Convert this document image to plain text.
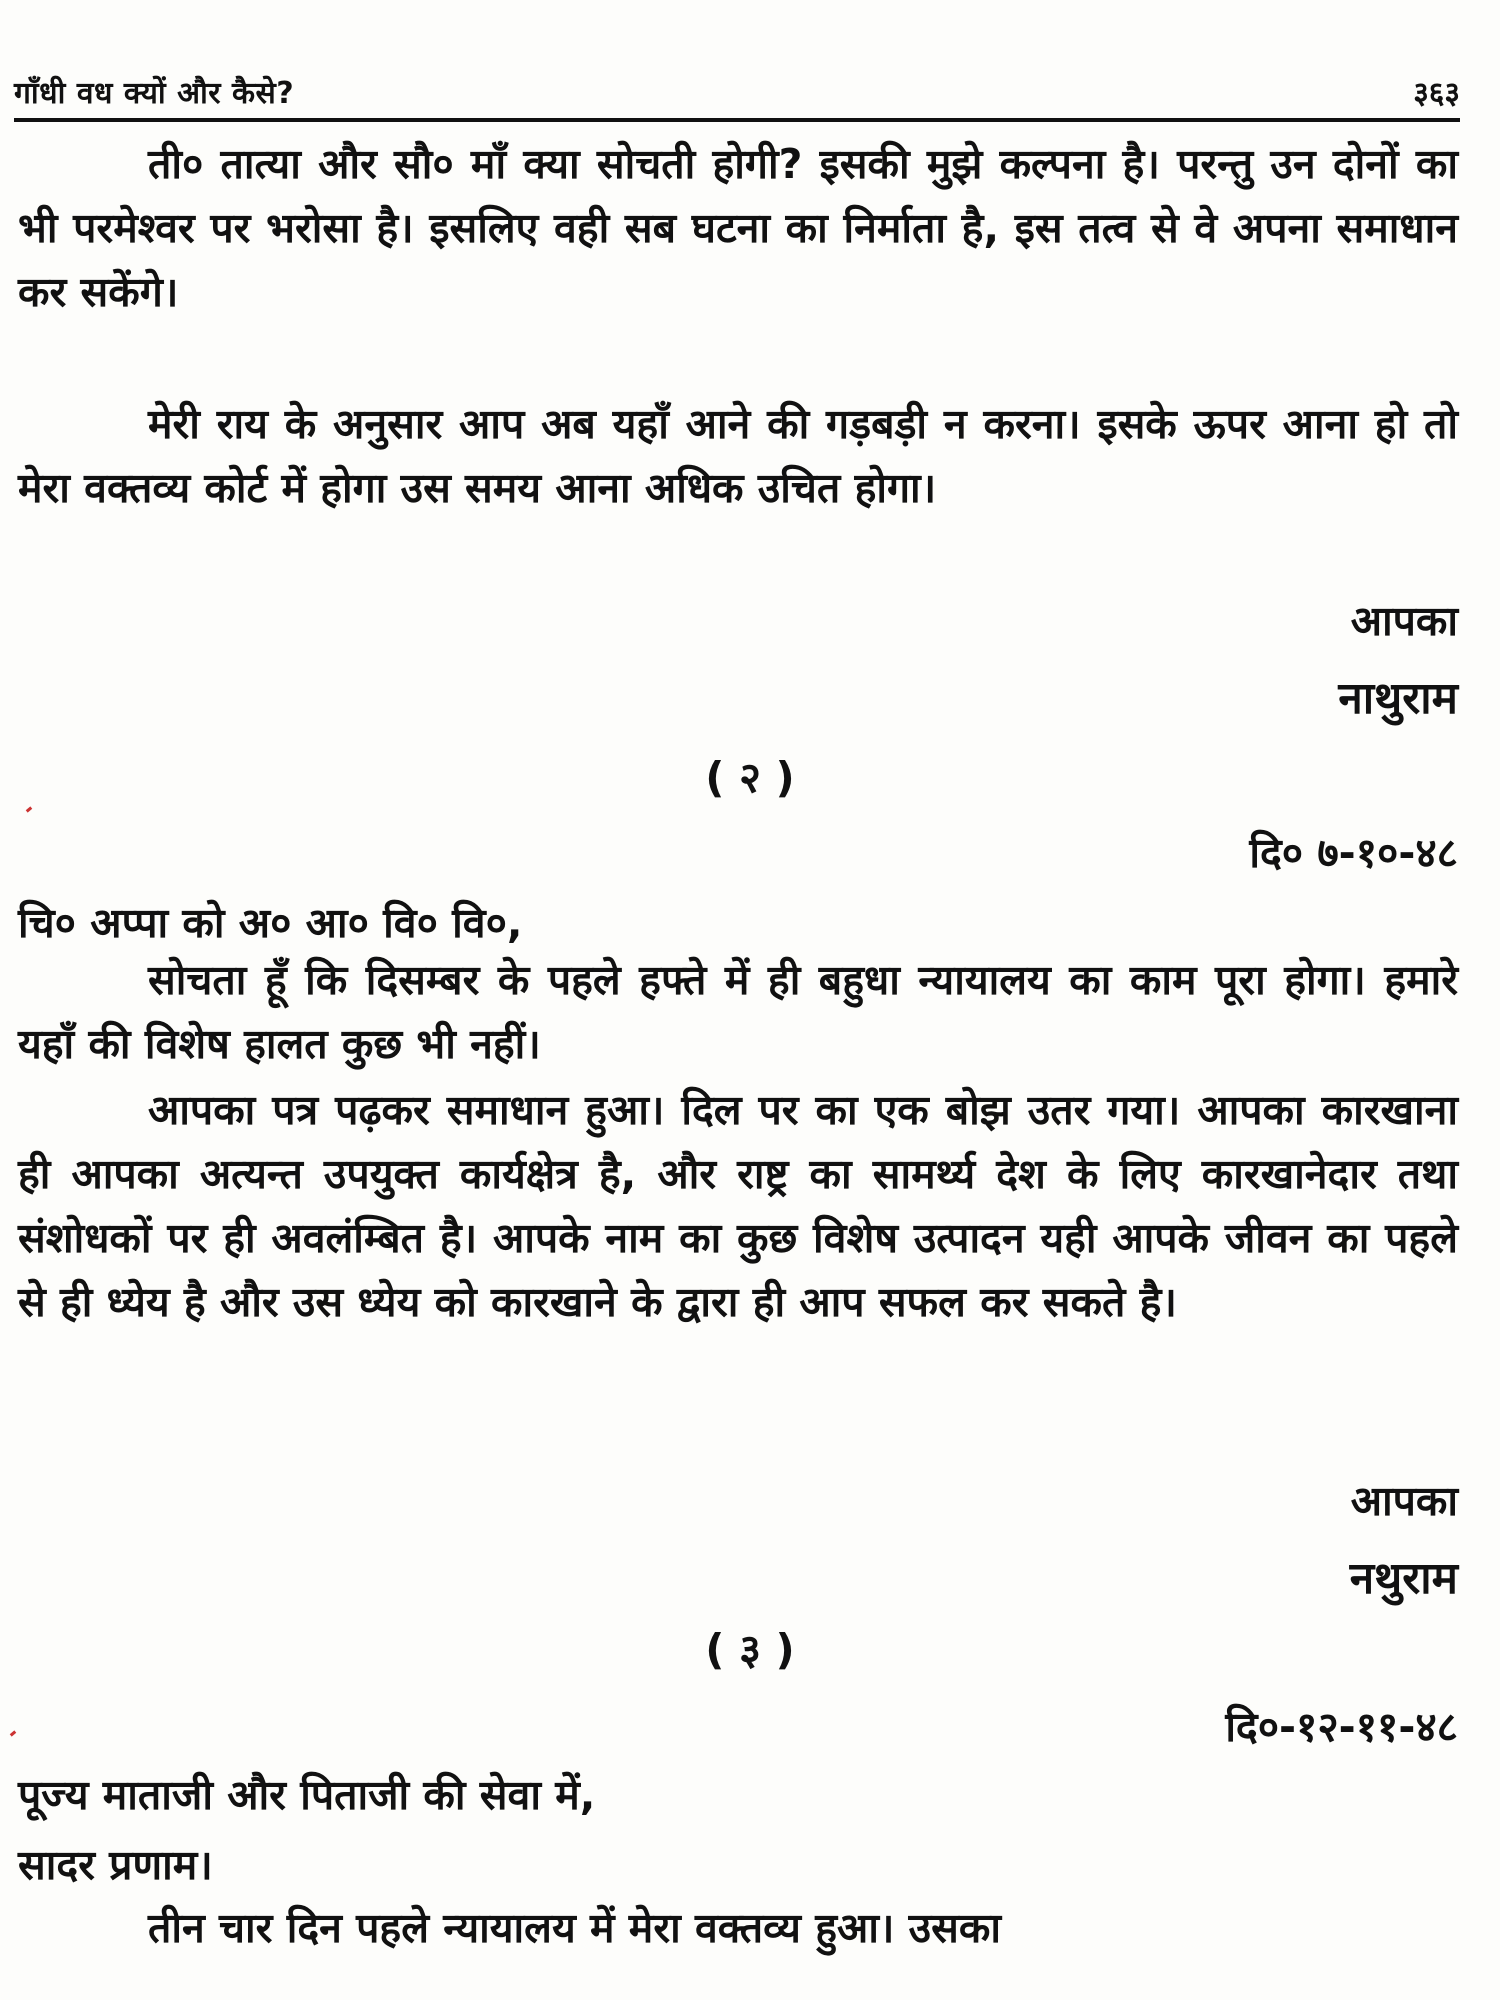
गाँधी वध क्यों और कैसे?	३६३

ती० तात्या और सौ० माँ क्या सोचती होगी? इसकी मुझे कल्पना है। परन्तु उन दोनों का भी परमेश्वर पर भरोसा है। इसलिए वही सब घटना का निर्माता है, इस तत्व से वे अपना समाधान कर सकेंगे।

मेरी राय के अनुसार आप अब यहाँ आने की गड़बड़ी न करना। इसके ऊपर आना हो तो मेरा वक्तव्य कोर्ट में होगा उस समय आना अधिक उचित होगा।

आपका
नाथुराम
( २ )
दि० ७-१०-४८
चि० अप्पा को अ० आ० वि० वि०,

सोचता हूँ कि दिसम्बर के पहले हफ्ते में ही बहुधा न्यायालय का काम पूरा होगा। हमारे यहाँ की विशेष हालत कुछ भी नहीं।

आपका पत्र पढ़कर समाधान हुआ। दिल पर का एक बोझ उतर गया। आपका कारखाना ही आपका अत्यन्त उपयुक्त कार्यक्षेत्र है, और राष्ट्र का सामर्थ्य देश के लिए कारखानेदार तथा संशोधकों पर ही अवलंम्बित है। आपके नाम का कुछ विशेष उत्पादन यही आपके जीवन का पहले से ही ध्येय है और उस ध्येय को कारखाने के द्वारा ही आप सफल कर सकते है।

आपका
नथुराम
( ३ )
दि०-१२-११-४८
पूज्य माताजी और पिताजी की सेवा में,
सादर प्रणाम।

तीन चार दिन पहले न्यायालय में मेरा वक्तव्य हुआ। उसका
